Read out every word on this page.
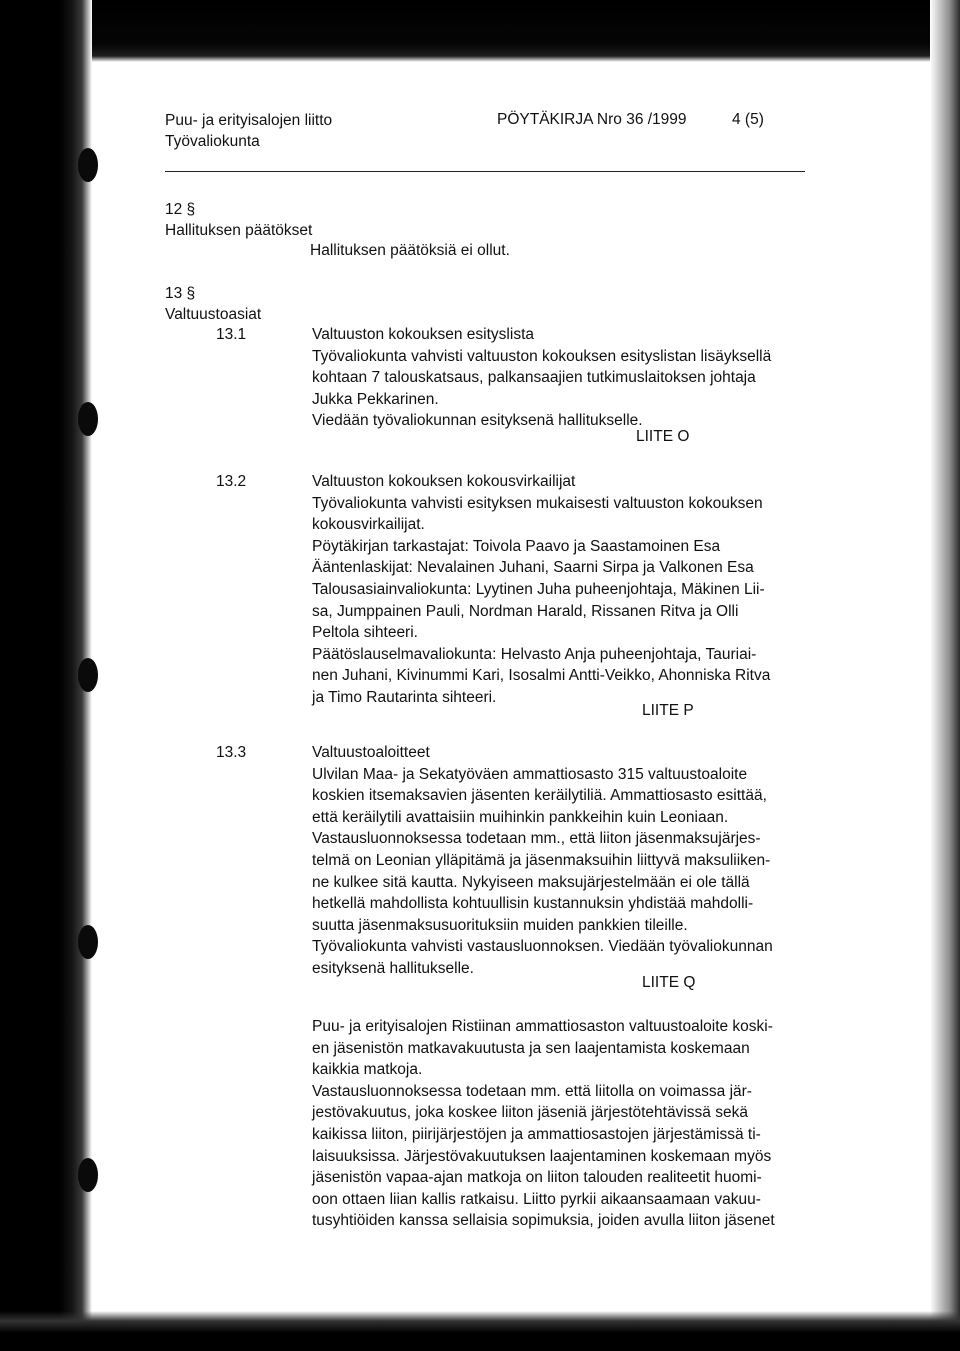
Puu- ja erityisalojen liitto
Työvaliokunta
PÖYTÄKIRJA Nro 36 /1999	4 (5)
12 §
Hallituksen päätökset
Hallituksen päätöksiä ei ollut.
13 §
Valtuustoasiat
13.1	Valtuuston kokouksen esityslista
Työvaliokunta vahvisti valtuuston kokouksen esityslistan lisäyksellä
kohtaan 7 talouskatsaus, palkansaajien tutkimuslaitoksen johtaja
Jukka Pekkarinen.
Viedään työvaliokunnan esityksenä hallitukselle.
LIITE O
13.2	Valtuuston kokouksen kokousvirkailijat
Työvaliokunta vahvisti esityksen mukaisesti valtuuston kokouksen
kokousvirkailijat.
Pöytäkirjan tarkastajat: Toivola Paavo ja Saastamoinen Esa
Ääntenlaskijat: Nevalainen Juhani, Saarni Sirpa ja Valkonen Esa
Talousasiainvaliokunta: Lyytinen Juha puheenjohtaja, Mäkinen Lii-
sa, Jumppainen Pauli, Nordman Harald, Rissanen Ritva ja Olli
Peltola sihteeri.
Päätöslauselmavaliokunta: Helvasto Anja puheenjohtaja, Tauriai-
nen Juhani, Kivinummi Kari, Isosalmi Antti-Veikko, Ahonniska Ritva
ja Timo Rautarinta sihteeri.
LIITE P
13.3	Valtuustoaloitteet
Ulvilan Maa- ja Sekatyöväen ammattiosasto 315 valtuustoaloite
koskien itsemaksavien jäsenten keräilytiliä. Ammattiosasto esittää,
että keräilytili avattaisiin muihinkin pankkeihin kuin Leoniaan.
Vastausluonnoksessa todetaan mm., että liiton jäsenmaksujärjes-
telmä on Leonian ylläpitämä ja jäsenmaksuihin liittyvä maksuliiken-
ne kulkee sitä kautta. Nykyiseen maksujärjestelmään ei ole tällä
hetkellä mahdollista kohtuullisin kustannuksin yhdistää mahdolli-
suutta jäsenmaksusuorituksiin muiden pankkien tileille.
Työvaliokunta vahvisti vastausluonnoksen. Viedään työvaliokunnan
esityksenä hallitukselle.
LIITE Q
Puu- ja erityisalojen Ristiinan ammattiosaston valtuustoaloite koski-
en jäsenistön matkavakuutusta ja sen laajentamista koskemaan
kaikkia matkoja.
Vastausluonnoksessa todetaan mm. että liitolla on voimassa jär-
jestövakuutus, joka koskee liiton jäseniä järjestötehtävissä sekä
kaikissa liiton, piirijärjestöjen ja ammattiosastojen järjestämissä ti-
laisuuksissa. Järjestövakuutuksen laajentaminen koskemaan myös
jäsenistön vapaa-ajan matkoja on liiton talouden realiteetit huomi-
oon ottaen liian kallis ratkaisu. Liitto pyrkii aikaansaamaan vakuu-
tusyhtiöiden kanssa sellaisia sopimuksia, joiden avulla liiton jäsenet
